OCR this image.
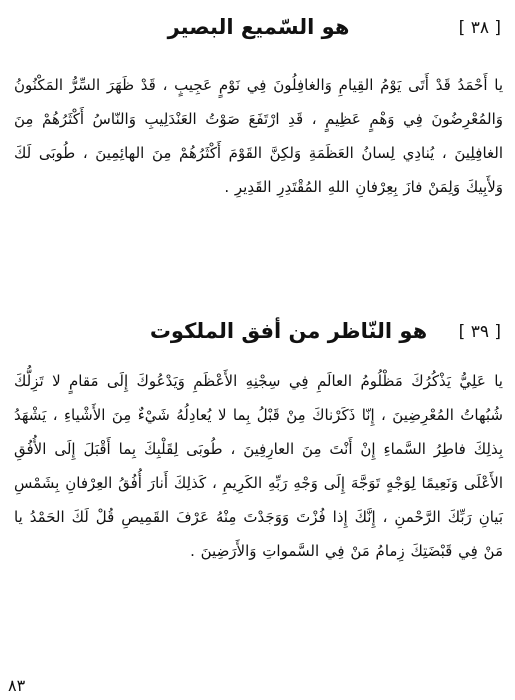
هو السّميع البصير	[ ٣٨ ]

يا أَحْمَدُ قَدْ أَتَى يَوْمُ القِيامِ وَالغافِلُونَ فِي نَوْمٍ عَجِيبٍ ، قَدْ ظَهَرَ السِّرُّ المَكْنُونُ وَالمُعْرِضُونَ فِي وَهْمٍ عَظِيمٍ ، قَدِ ارْتَفَعَ صَوْتُ العَنْدَلِيبِ وَالنّاسُ أَكْثَرُهُمْ مِنَ الغافِلِينَ ، يُنادِي لِسانُ العَظَمَةِ وَلكِنَّ القَوْمَ أَكْثَرُهُمْ مِنَ الهائِمِينَ ، طُوبَى لَكَ وَلأَبِيكَ وَلِمَنْ فازَ بِعِرْفانِ اللهِ المُقْتَدِرِ القَدِيرِ .

هو النّاظر من أفق الملكوت	[ ٣٩ ]

يا عَلِيُّ يَذْكُرُكَ مَظْلُومُ العالَمِ فِي سِجْنِهِ الأَعْظَمِ وَيَدْعُوكَ إِلَى مَقامٍ لا تَزِلُّكَ شُبُهاتُ المُعْرِضِينَ ، إِنّا ذَكَرْناكَ مِنْ قَبْلُ بِما لا يُعادِلُهُ شَيْءٌ مِنَ الأَشْياءِ ، يَشْهَدُ بِذلِكَ فاطِرُ السَّماءِ إِنْ أَنْتَ مِنَ العارِفِينَ ، طُوبَى لِقَلْبِكَ بِما أَقْبَلَ إِلَى الأُفُقِ الأَعْلَى وَنَعِيمًا لِوَجْهٍ تَوَجَّهَ إِلَى وَجْهِ رَبِّهِ الكَرِيمِ ، كَذلِكَ أَنارَ أُفُقُ العِرْفانِ بِشَمْسِ بَيانِ رَبِّكَ الرَّحْمنِ ، إِنَّكَ إِذا فُزْتَ وَوَجَدْتَ مِنْهُ عَرْفَ القَمِيصِ قُلْ لَكَ الحَمْدُ يا مَنْ فِي قَبْضَتِكَ زِمامُ مَنْ فِي السَّمواتِ وَالأَرَضِينَ .

٨٣
